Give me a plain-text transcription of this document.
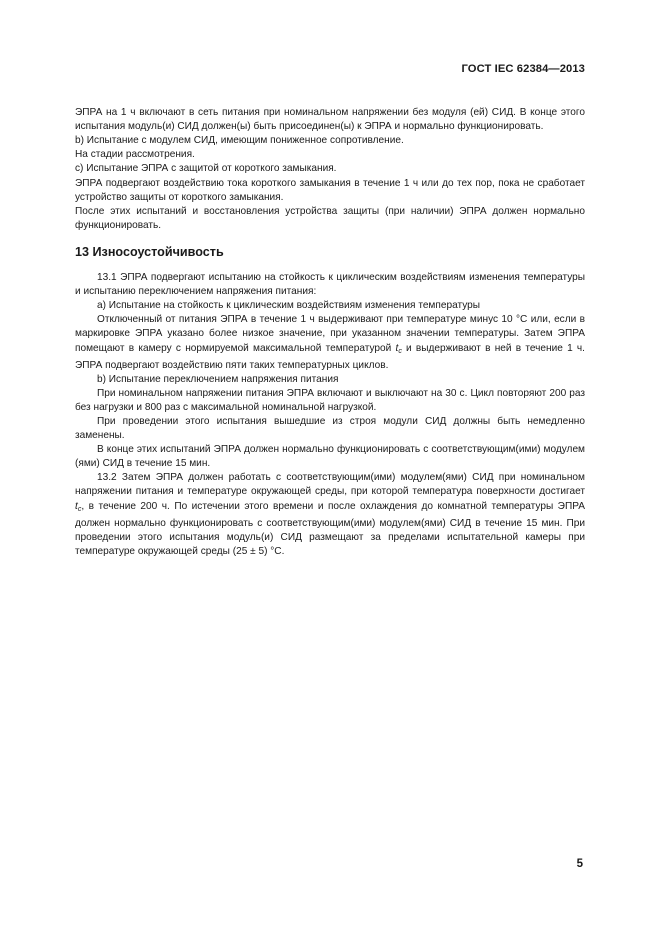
ГОСТ IEC 62384—2013

ЭПРА на 1 ч включают в сеть питания при номинальном напряжении без модуля (ей) СИД. В конце этого испытания модуль(и) СИД должен(ы) быть присоединен(ы) к ЭПРА и нормально функционировать.

b) Испытание с модулем СИД, имеющим пониженное сопротивление.

На стадии рассмотрения.

c) Испытание ЭПРА с защитой от короткого замыкания.

ЭПРА подвергают воздействию тока короткого замыкания в течение 1 ч или до тех пор, пока не сработает устройство защиты от короткого замыкания.

После этих испытаний и восстановления устройства защиты (при наличии) ЭПРА должен нормально функционировать.

13 Износоустойчивость

13.1 ЭПРА подвергают испытанию на стойкость к циклическим воздействиям изменения температуры и испытанию переключением напряжения питания:

a) Испытание на стойкость к циклическим воздействиям изменения температуры

Отключенный от питания ЭПРА в течение 1 ч выдерживают при температуре минус 10 °С или, если в маркировке ЭПРА указано более низкое значение, при указанном значении температуры. Затем ЭПРА помещают в камеру с нормируемой максимальной температурой $t_c$ и выдерживают в ней в течение 1 ч. ЭПРА подвергают воздействию пяти таких температурных циклов.

b) Испытание переключением напряжения питания

При номинальном напряжении питания ЭПРА включают и выключают на 30 с. Цикл повторяют 200 раз без нагрузки и 800 раз с максимальной номинальной нагрузкой.

При проведении этого испытания вышедшие из строя модули СИД должны быть немедленно заменены.

В конце этих испытаний ЭПРА должен нормально функционировать с соответствующим(ими) модулем (ями) СИД в течение 15 мин.

13.2 Затем ЭПРА должен работать с соответствующим(ими) модулем(ями) СИД при номинальном напряжении питания и температуре окружающей среды, при которой температура поверхности достигает $t_c$, в течение 200 ч. По истечении этого времени и после охлаждения до комнатной температуры ЭПРА должен нормально функционировать с соответствующим(ими) модулем(ями) СИД в течение 15 мин. При проведении этого испытания модуль(и) СИД размещают за пределами испытательной камеры при температуре окружающей среды (25 ± 5) °С.

5
